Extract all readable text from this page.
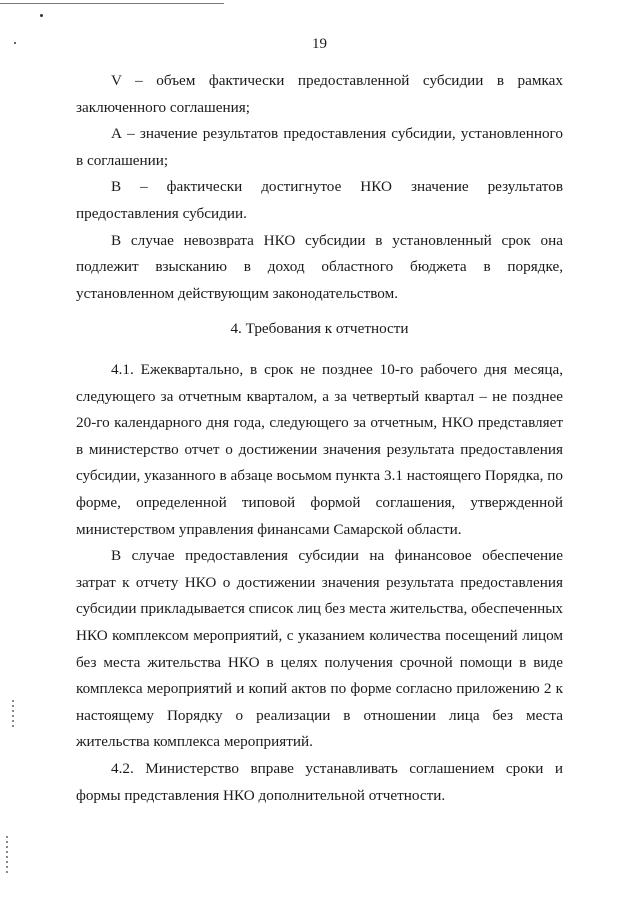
19

V – объем фактически предоставленной субсидии в рамках заключенного соглашения;

А – значение результатов предоставления субсидии, установленного в соглашении;

В – фактически достигнутое НКО значение результатов предоставления субсидии.

В случае невозврата НКО субсидии в установленный срок она подлежит взысканию в доход областного бюджета в порядке, установленном действующим законодательством.

4. Требования к отчетности

4.1. Ежеквартально, в срок не позднее 10-го рабочего дня месяца, следующего за отчетным кварталом, а за четвертый квартал – не позднее 20-го календарного дня года, следующего за отчетным, НКО представляет в министерство отчет о достижении значения результата предоставления субсидии, указанного в абзаце восьмом пункта 3.1 настоящего Порядка, по форме, определенной типовой формой соглашения, утвержденной министерством управления финансами Самарской области.

В случае предоставления субсидии на финансовое обеспечение затрат к отчету НКО о достижении значения результата предоставления субсидии прикладывается список лиц без места жительства, обеспеченных НКО комплексом мероприятий, с указанием количества посещений лицом без места жительства НКО в целях получения срочной помощи в виде комплекса мероприятий и копий актов по форме согласно приложению 2 к настоящему Порядку о реализации в отношении лица без места жительства комплекса мероприятий.

4.2. Министерство вправе устанавливать соглашением сроки и формы представления НКО дополнительной отчетности.
